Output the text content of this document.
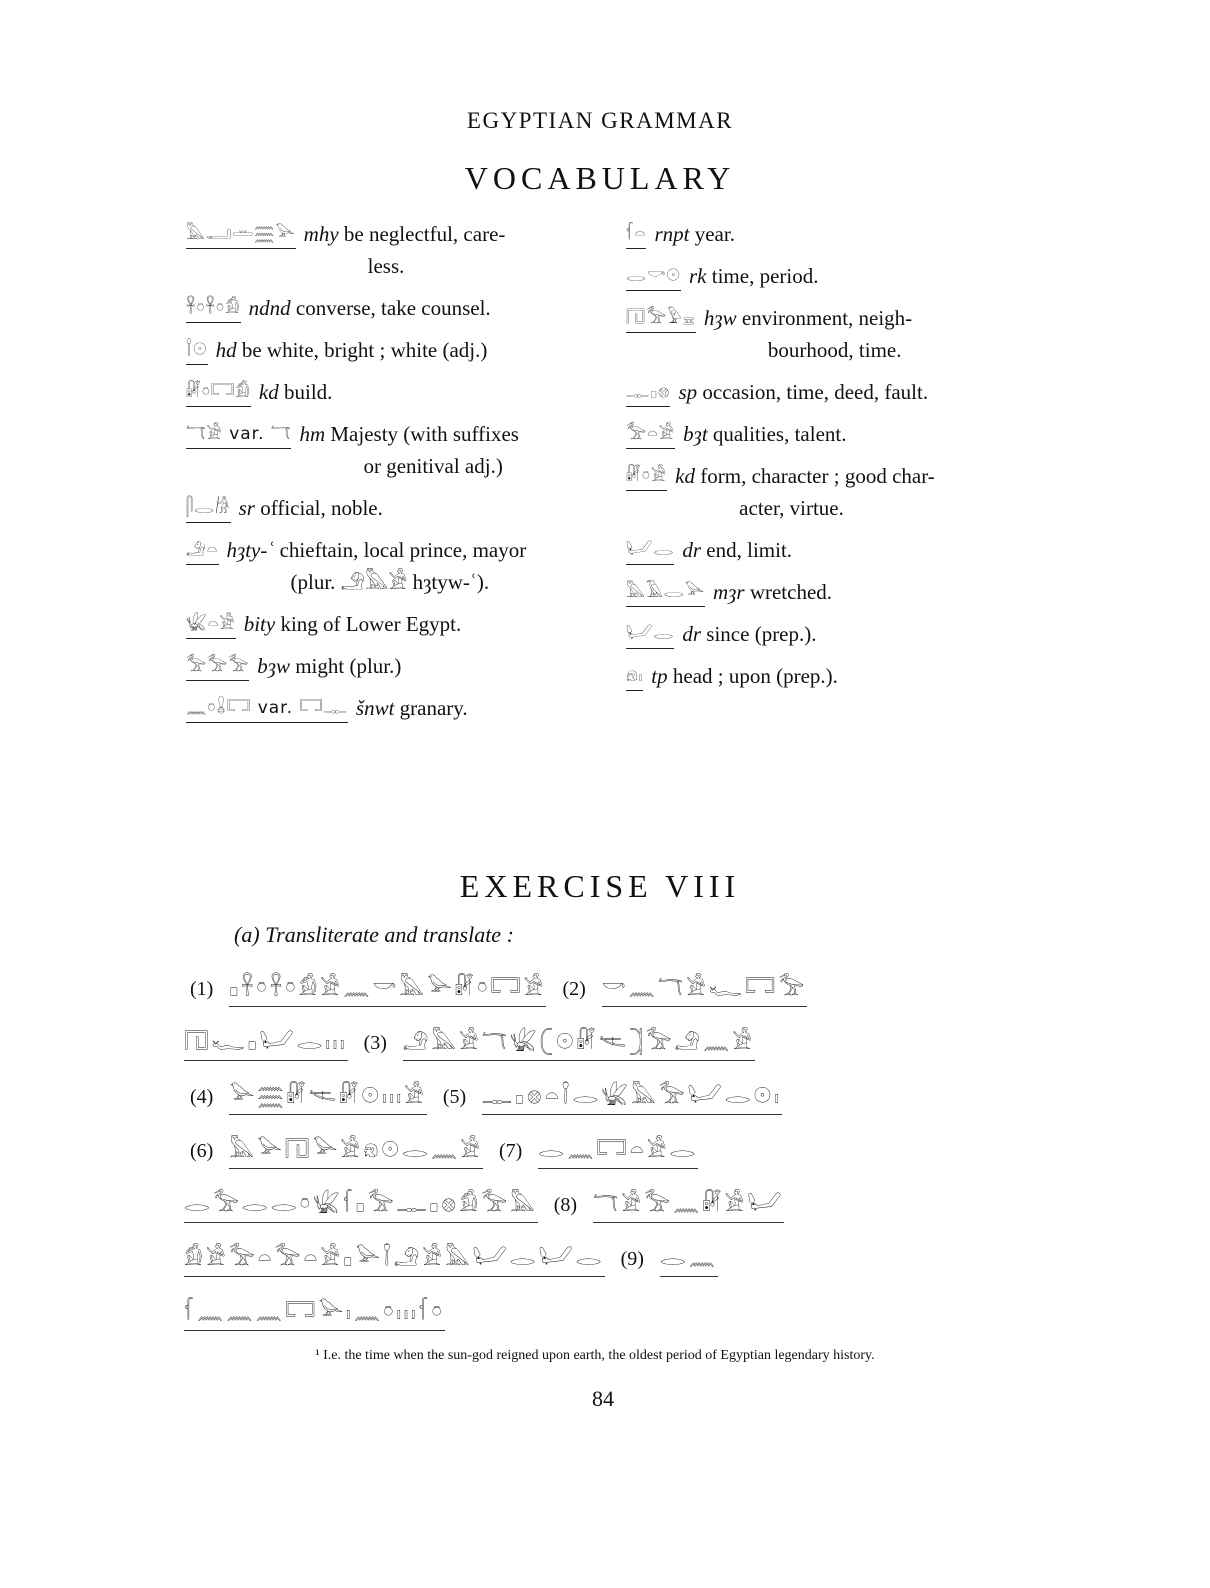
EGYPTIAN GRAMMAR
VOCABULARY
𓅓𓂝𓏛𓈗𓅪 mhy be neglectful, care-
less.
𓋹𓏌𓋹𓏌𓀁 ndnd converse, take counsel.
𓌉𓇳 hd be white, bright ; white (adj.)
𓏞𓏌𓉐𓀁 kd build.
𓄓𓀀 var. 𓄓 hm Majesty (with suffixes
or genitival adj.)
𓋴𓂋𓀙 sr official, noble.
𓄂𓏏 hȝty-ʿ chieftain, local prince, mayor
(plur. 𓄂𓅓𓀀 hȝtyw-ʿ).
𓆤𓏏𓀀 bity king of Lower Egypt.
𓅡𓅡𓅡 bȝw might (plur.)
𓈖𓏌𓏇𓉐 var. 𓉐𓊃 šnwt granary.
𓆳𓏏 rnpt year.
𓂋𓎡𓇳 rk time, period.
𓉔𓅡𓅱𓈇 hȝw environment, neigh-
bourhood, time.
𓊃𓊪𓊖 sp occasion, time, deed, fault.
𓅡𓏏𓀀 bȝt qualities, talent.
𓏞𓏌𓀀 kd form, character ; good char-
acter, virtue.
𓂦𓂋 dr end, limit.
𓅓𓄿𓂋𓅪 mȝr wretched.
𓂦𓂋 dr since (prep.).
𓁶𓏤 tp head ; upon (prep.).
EXERCISE VIII
(a) Transliterate and translate :
(1) 𓊪𓋹𓏌𓋹𓏌𓀁𓀀𓈖𓎡𓅓𓅪𓏞𓏌𓉐𓀀 (2) 𓎡𓈖𓄓𓀀𓆑𓉐𓅡
𓉔𓆑𓊪𓂦𓂋𓏥 (3) 𓄂𓅓𓀀𓄓𓆤𓍹𓇳𓏞𓌻𓍺𓅡𓄂𓈖𓀀
(4) 𓅪𓈗𓏞𓌻𓏞𓇳𓏥𓀀 (5) 𓊃𓊪𓊖𓏏𓌉𓂋𓆤𓅓𓅡𓂦𓂋𓇳𓏤
(6) 𓅓𓅪𓉔𓅪𓀀𓁶𓇳𓂋𓈖𓀀 (7) 𓂋𓈖𓉐𓏏𓀀𓂋
𓂋𓅡𓂋𓂋𓏌𓆤𓆳𓊪𓅡𓊃𓊪𓊖𓀁𓅡𓅓 (8) 𓄓𓀀𓅡𓈖𓏞𓀀𓂦
𓀁𓀀𓅡𓏏𓅡𓏏𓀀𓊪𓅪𓌉𓄂𓀀𓅓𓂦𓂋𓂦𓂋 (9) 𓂋𓈖
𓆳𓈖𓈖𓈖𓉐𓅪𓏤𓈖𓏌𓏥𓆳𓏌
¹ I.e. the time when the sun-god reigned upon earth, the oldest period of Egyptian legendary history.
84
